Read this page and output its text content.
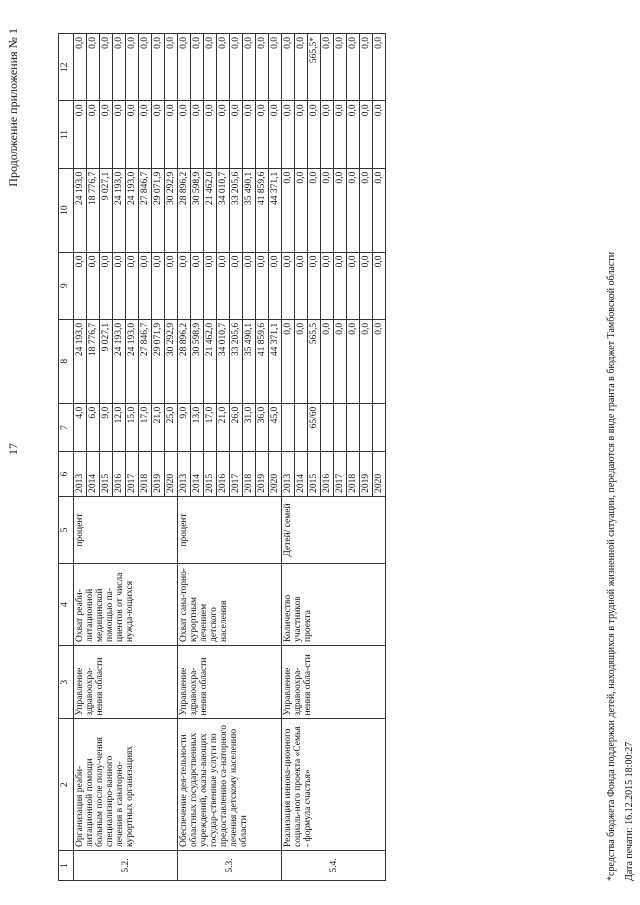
17
Продолжение приложения № 1
1	2	3	4	5	6	7	8	9	10	11	12
5.2.	Организация реаби-литационной помощи больным после полу-чения специализиро-ванного лечения в санаторно-курортных организациях	Управление здравоохра-нения области	Охват реаби-литационной медицинской помощью па-циентов от числа нужда-ющихся	процент	2013	4,0	24 193,0	0,0	24 193,0	0,0	0,0
					2014	6,0	18 776,7	0,0	18 776,7	0,0	0,0
					2015	9,0	9 027,1	0,0	9 027,1	0,0	0,0
					2016	12,0	24 193,0	0,0	24 193,0	0,0	0,0
					2017	15,0	24 193,0	0,0	24 193,0	0,0	0,0
					2018	17,0	27 846,7	0,0	27 846,7	0,0	0,0
					2019	21,0	29 071,9	0,0	29 071,9	0,0	0,0
					2020	25,0	30 292,9	0,0	30 292,9	0,0	0,0
5.3.	Обеспечение дея-тельности областных государственных учреждений, оказы-вающих государ-ственные услуги по предоставлению са-наторного лечения детскому населению области	Управление здравоохра-нения области	Охват сана-торно-курортным лечением детского населения	процент	2013	9,0	28 896,2	0,0	28 896,2	0,0	0,0
					2014	13,0	30 598,9	0,0	30 598,9	0,0	0,0
					2015	17,0	21 462,0	0,0	21 462,0	0,0	0,0
					2016	21,0	34 010,7	0,0	34 010,7	0,0	0,0
					2017	26,0	33 205,6	0,0	33 205,6	0,0	0,0
					2018	31,0	35 490,1	0,0	35 490,1	0,0	0,0
					2019	36,0	41 859,6	0,0	41 859,6	0,0	0,0
					2020	45,0	44 371,1	0,0	44 371,1	0,0	0,0
5.4.	Реализация иннова-ционного социаль-ного проекта «Семья - формула счастья»	Управление здравоохра-нения обла-сти	Количество участников проекта	Детей/ семей	2013		0,0	0,0	0,0	0,0	0,0
					2014		0,0	0,0	0,0	0,0	0,0
					2015	65/60	565,5	0,0	0,0	0,0	565,5*
					2016		0,0	0,0	0,0	0,0	0,0
					2017		0,0	0,0	0,0	0,0	0,0
					2018		0,0	0,0	0,0	0,0	0,0
					2019		0,0	0,0	0,0	0,0	0,0
					2020		0,0	0,0	0,0	0,0	0,0
*средства бюджета Фонда поддержки детей, находящихся в трудной жизненной ситуации, передаются в виде гранта в бюджет Тамбовской области Дата печати: 16.12.2015 18:00:27
